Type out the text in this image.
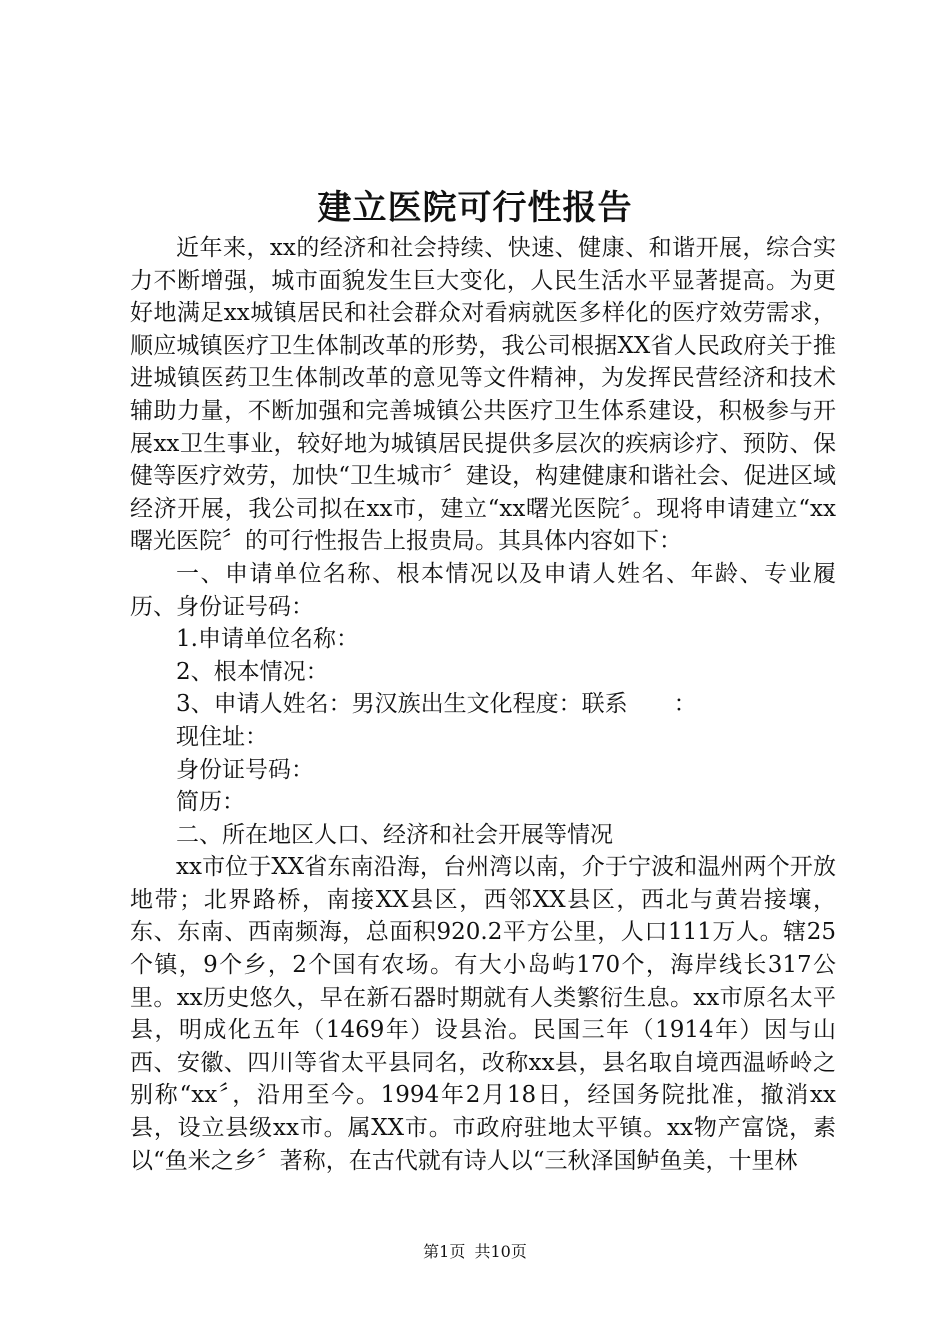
建立医院可行性报告

近年来，xx的经济和社会持续、快速、健康、和谐开展，综合实力不断增强，城市面貌发生巨大变化，人民生活水平显著提高。为更好地满足xx城镇居民和社会群众对看病就医多样化的医疗效劳需求，顺应城镇医疗卫生体制改革的形势，我公司根据XX省人民政府关于推进城镇医药卫生体制改革的意见等文件精神，为发挥民营经济和技术辅助力量，不断加强和完善城镇公共医疗卫生体系建设，积极参与开展xx卫生事业，较好地为城镇居民提供多层次的疾病诊疗、预防、保健等医疗效劳，加快“卫生城市〞建设，构建健康和谐社会、促进区域经济开展，我公司拟在xx市，建立“xx曙光医院〞。现将申请建立“xx曙光医院〞的可行性报告上报贵局。其具体内容如下：

一、申请单位名称、根本情况以及申请人姓名、年龄、专业履历、身份证号码：

1.申请单位名称：

2、根本情况：

3、申请人姓名：男汉族出生文化程度：联系　　：

现住址：

身份证号码：

简历：

二、所在地区人口、经济和社会开展等情况

xx市位于XX省东南沿海，台州湾以南，介于宁波和温州两个开放地带；北界路桥，南接XX县区，西邻XX县区，西北与黄岩接壤，东、东南、西南频海，总面积920.2平方公里，人口111万人。辖25个镇，9个乡，2个国有农场。有大小岛屿170个，海岸线长317公里。xx历史悠久，早在新石器时期就有人类繁衍生息。xx市原名太平县，明成化五年（1469年）设县治。民国三年（1914年）因与山西、安徽、四川等省太平县同名，改称xx县，县名取自境西温峤岭之别称“xx〞，沿用至今。1994年2月18日，经国务院批准，撤消xx县，设立县级xx市。属XX市。市政府驻地太平镇。xx物产富饶，素以“鱼米之乡〞著称，在古代就有诗人以“三秋泽国鲈鱼美，十里林

第1页 共10页
